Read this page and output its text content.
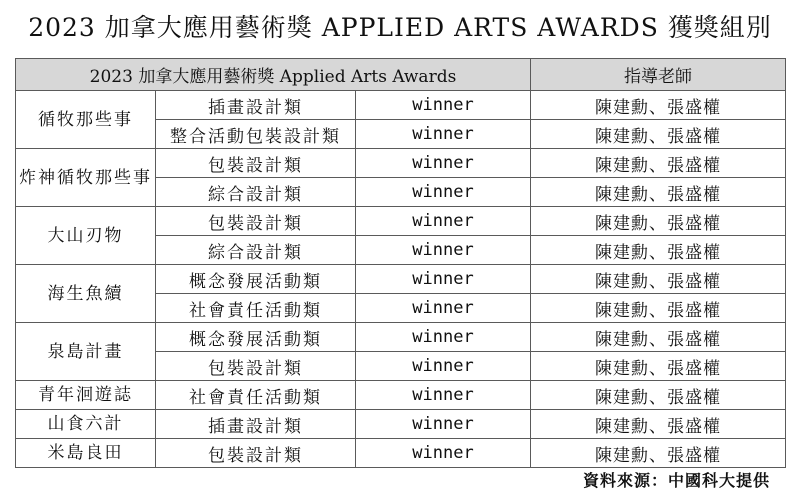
2023 加拿大應用藝術獎 APPLIED ARTS AWARDS 獲獎組別
2023 加拿大應用藝術獎 Applied Arts Awards			指導老師
循牧那些事	插畫設計類	winner	陳建勳、張盛權
	整合活動包裝設計類	winner	陳建勳、張盛權
炸神循牧那些事	包裝設計類	winner	陳建勳、張盛權
	綜合設計類	winner	陳建勳、張盛權
大山刃物	包裝設計類	winner	陳建勳、張盛權
	綜合設計類	winner	陳建勳、張盛權
海生魚續	概念發展活動類	winner	陳建勳、張盛權
	社會責任活動類	winner	陳建勳、張盛權
泉島計畫	概念發展活動類	winner	陳建勳、張盛權
	包裝設計類	winner	陳建勳、張盛權
青年洄遊誌	社會責任活動類	winner	陳建勳、張盛權
山食六計	插畫設計類	winner	陳建勳、張盛權
米島良田	包裝設計類	winner	陳建勳、張盛權
資料來源：中國科大提供
